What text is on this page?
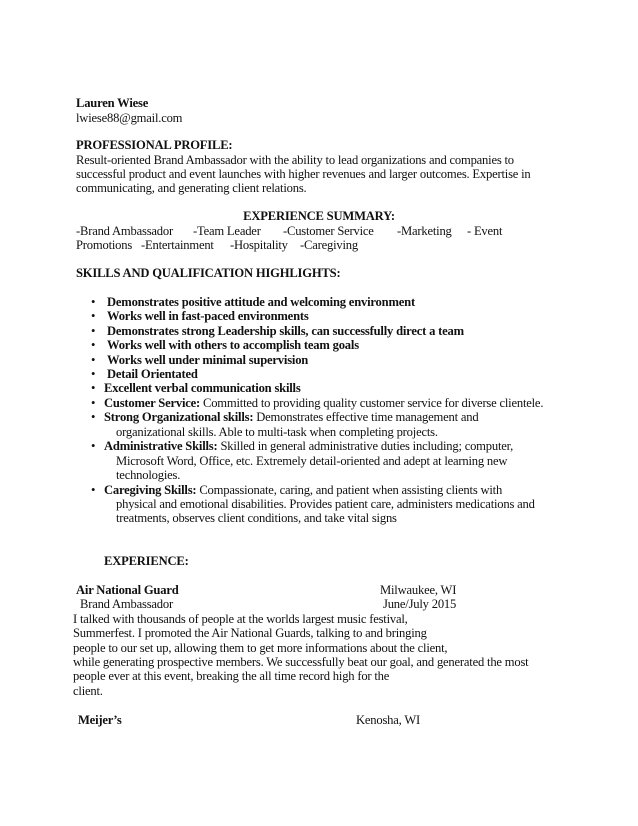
Lauren Wiese
lwiese88@gmail.com
PROFESSIONAL PROFILE:
Result-oriented Brand Ambassador with the ability to lead organizations and companies to
successful product and event launches with higher revenues and larger outcomes. Expertise in
communicating, and generating client relations.
EXPERIENCE SUMMARY:
-Brand Ambassador -Team Leader -Customer Service -Marketing - Event
Promotions -Entertainment -Hospitality -Caregiving
SKILLS AND QUALIFICATION HIGHLIGHTS:
• Demonstrates positive attitude and welcoming environment
• Works well in fast-paced environments
• Demonstrates strong Leadership skills, can successfully direct a team
• Works well with others to accomplish team goals
• Works well under minimal supervision
• Detail Orientated
• Excellent verbal communication skills
• Customer Service: Committed to providing quality customer service for diverse clientele.
• Strong Organizational skills: Demonstrates effective time management and
organizational skills. Able to multi-task when completing projects.
• Administrative Skills: Skilled in general administrative duties including; computer,
Microsoft Word, Office, etc. Extremely detail-oriented and adept at learning new
technologies.
• Caregiving Skills: Compassionate, caring, and patient when assisting clients with
physical and emotional disabilities. Provides patient care, administers medications and
treatments, observes client conditions, and take vital signs
EXPERIENCE:
Air National Guard	Milwaukee, WI
Brand Ambassador	June/July 2015
I talked with thousands of people at the worlds largest music festival,
Summerfest. I promoted the Air National Guards, talking to and bringing
people to our set up, allowing them to get more informations about the client,
while generating prospective members. We successfully beat our goal, and generated the most
people ever at this event, breaking the all time record high for the
client.
Meijer’s	Kenosha, WI
